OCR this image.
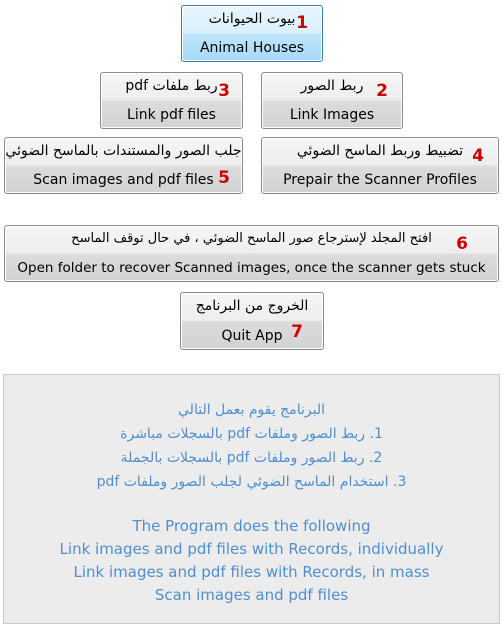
بيوت الحيوانات
Animal Houses
1
ربط ملفات pdf
Link pdf files
3	ربط الصور
Link Images
2
جلب الصور والمستندات بالماسح الضوئي
Scan images and pdf files 5
تضبيط وربط الماسح الضوئي
Prepair the Scanner Profiles
4
افتح المجلد لإسترجاع صور الماسح الضوئي ، في حال توقف الماسح
Open folder to recover Scanned images, once the scanner gets stuck
6
الخروج من البرنامج
Quit App 7
البرنامج يقوم بعمل التالي
1. ربط الصور وملفات pdf بالسجلات مباشرة
2. ربط الصور وملفات pdf بالسجلات بالجملة
3. استخدام الماسح الضوئي لجلب الصور وملفات pdf
The Program does the following
Link images and pdf files with Records, individually
Link images and pdf files with Records, in mass
Scan images and pdf files
